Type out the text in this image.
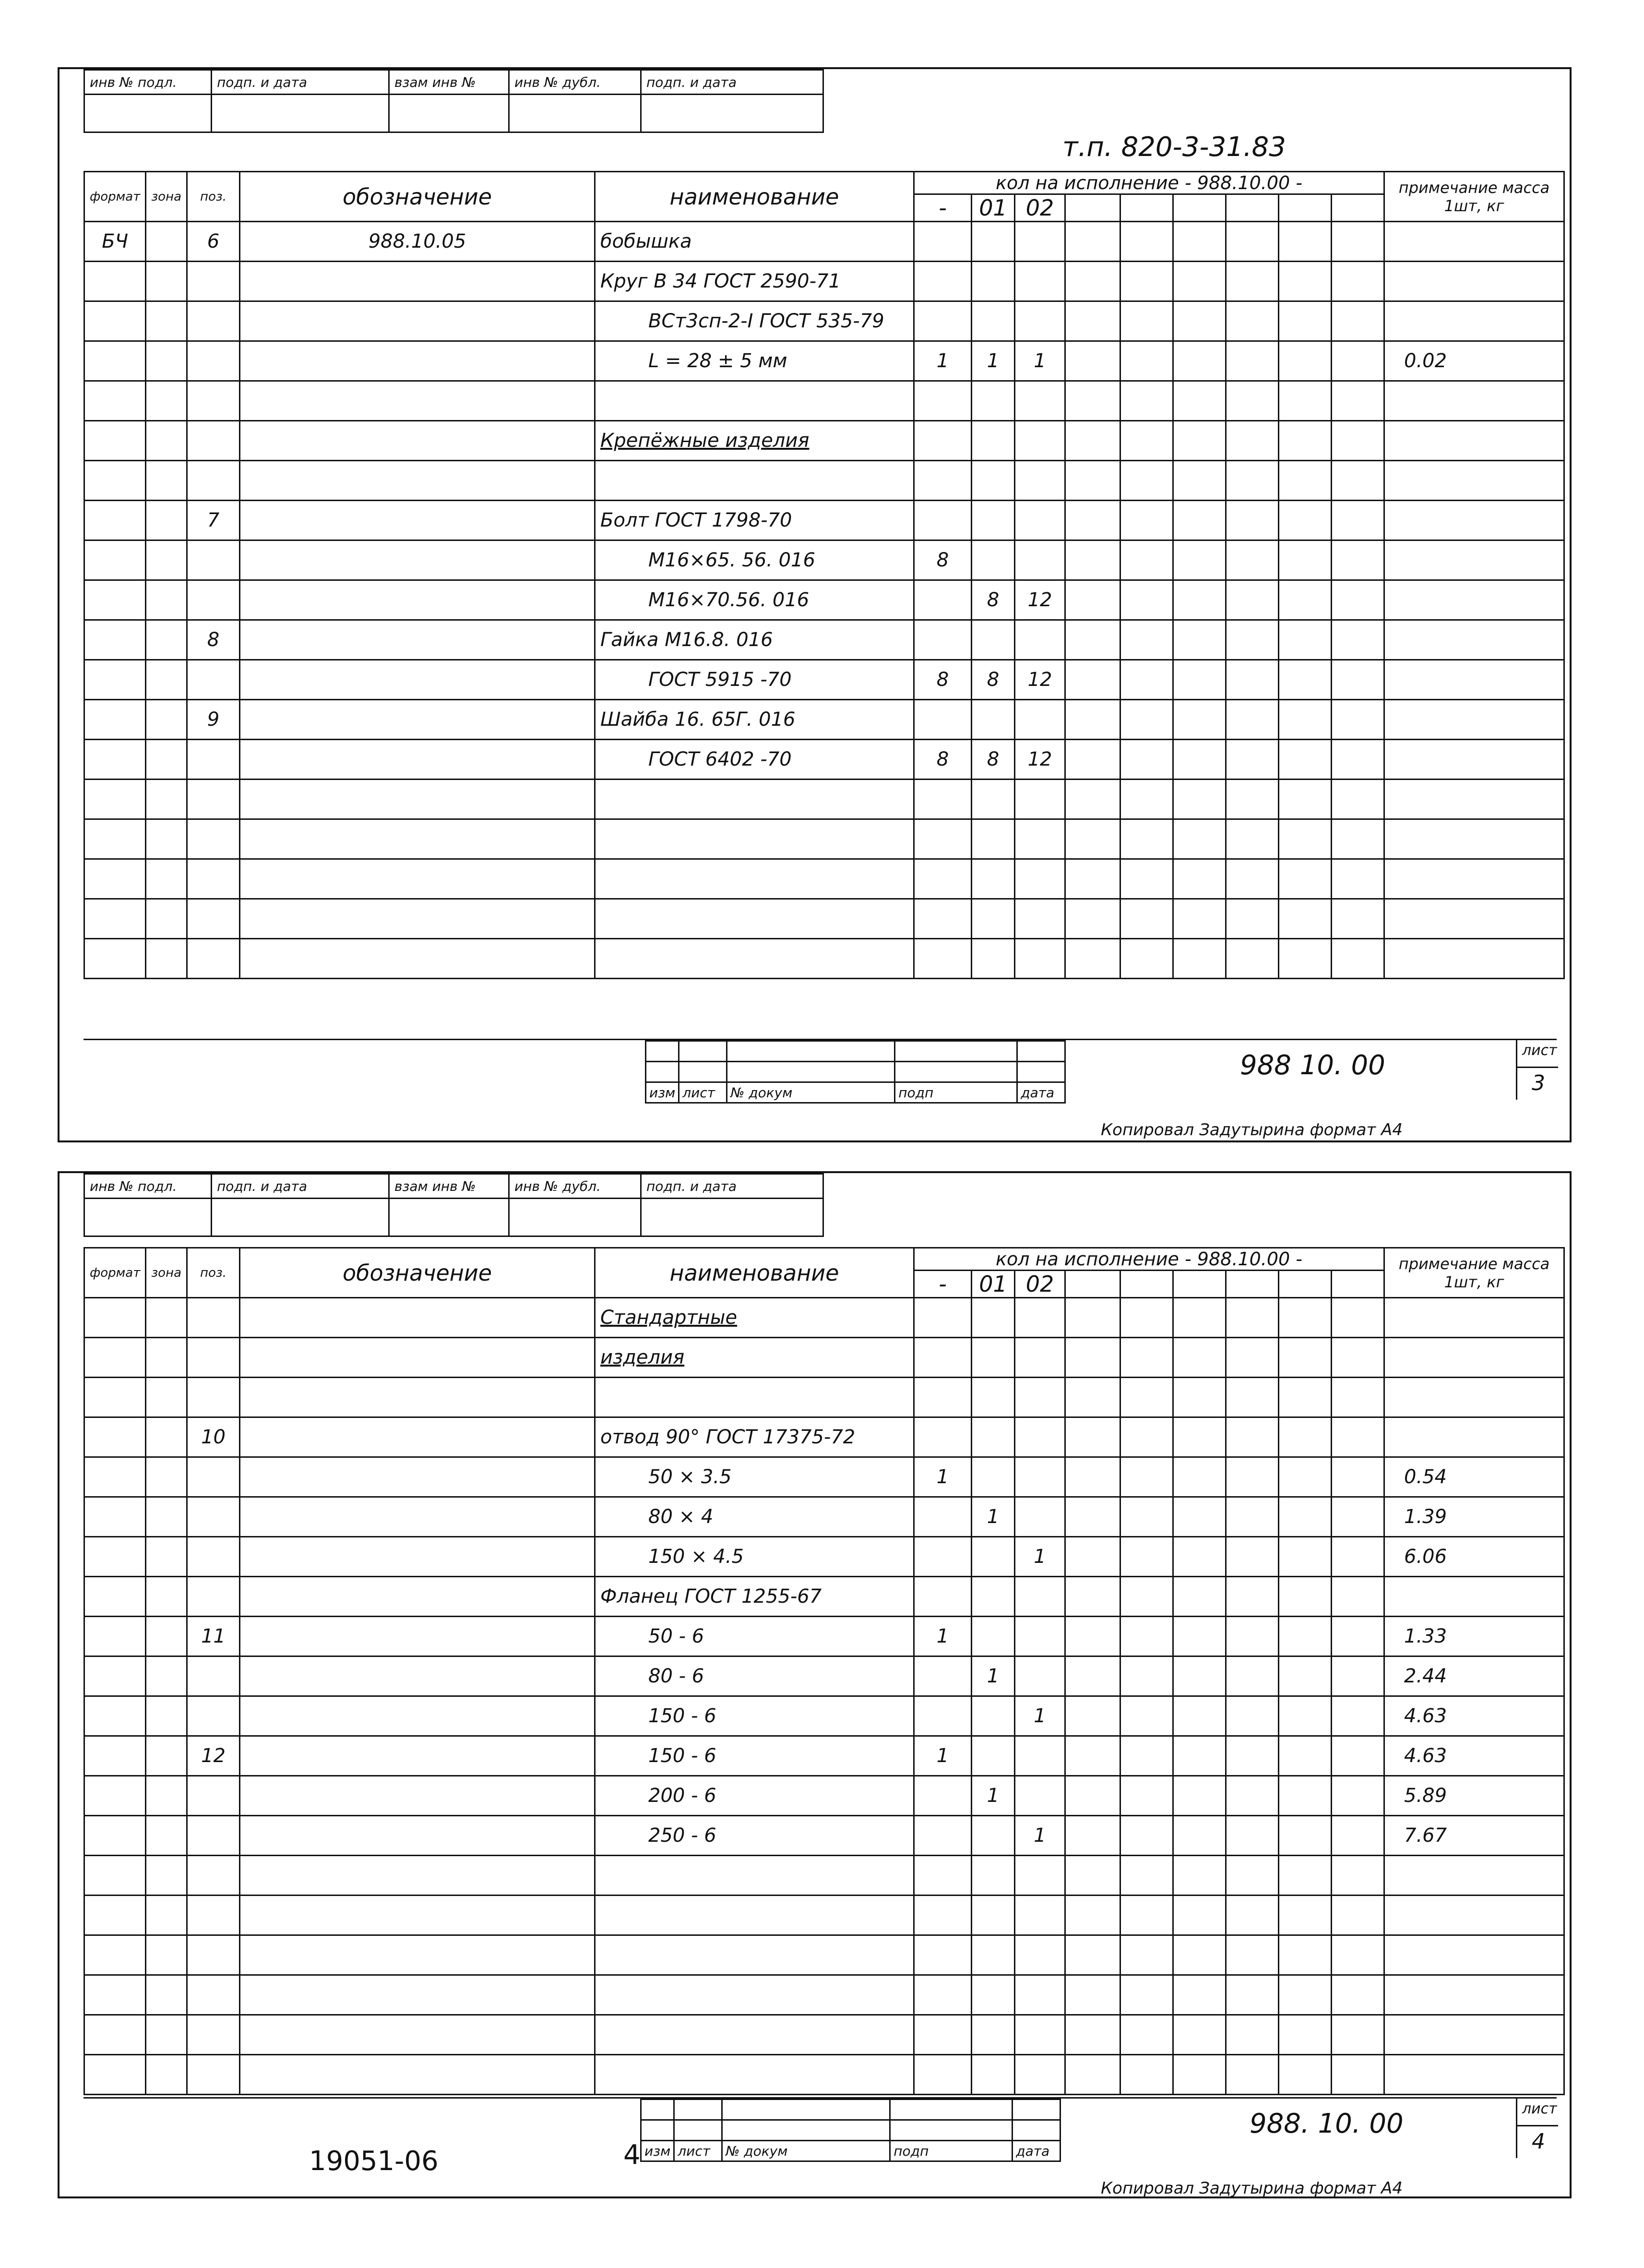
инв № подл.	подп. и дата	взам инв №	инв № дубл.	подп. и дата

т.п. 820-3-31.83
формат	зона	поз.	обозначение	наименование	кол на исполнение - 988.10.00 -									примечание масса 1шт, кг
					-	01	02							
БЧ		6	988.10.05	бобышка										
				Круг В 34 ГОСТ 2590-71										
				ВСт3сп-2-I ГОСТ 535-79										
				L = 28 ± 5 мм	1	1	1							0.02

				Крепёжные изделия										

		7		Болт ГОСТ 1798-70										
				М16×65. 56. 016	8									
				М16×70.56. 016		8	12							
		8		Гайка М16.8. 016										
				ГОСТ 5915 -70	8	8	12							
		9		Шайба 16. 65Г. 016										
				ГОСТ 6402 -70	8	8	12							

изм	лист	№ докум	подп	дата
988 10. 00	лист
3
Копировал Задутырина формат А4
инв № подл.	подп. и дата	взам инв №	инв № дубл.	подп. и дата

формат	зона	поз.	обозначение	наименование	кол на исполнение - 988.10.00 -									примечание масса 1шт, кг
					-	01	02							
				Стандартные										
				изделия										

		10		отвод 90° ГОСТ 17375-72										
				50 × 3.5	1									0.54
				80 × 4		1								1.39
				150 × 4.5			1							6.06
				Фланец ГОСТ 1255-67										
		11		50 - 6	1									1.33
				80 - 6		1								2.44
				150 - 6			1							4.63
		12		150 - 6	1									4.63
				200 - 6		1								5.89
				250 - 6			1							7.67

19051-06	4

				изм	лист	№ докум	подп	дата
988. 10. 00	лист
4
Копировал Задутырина формат А4
